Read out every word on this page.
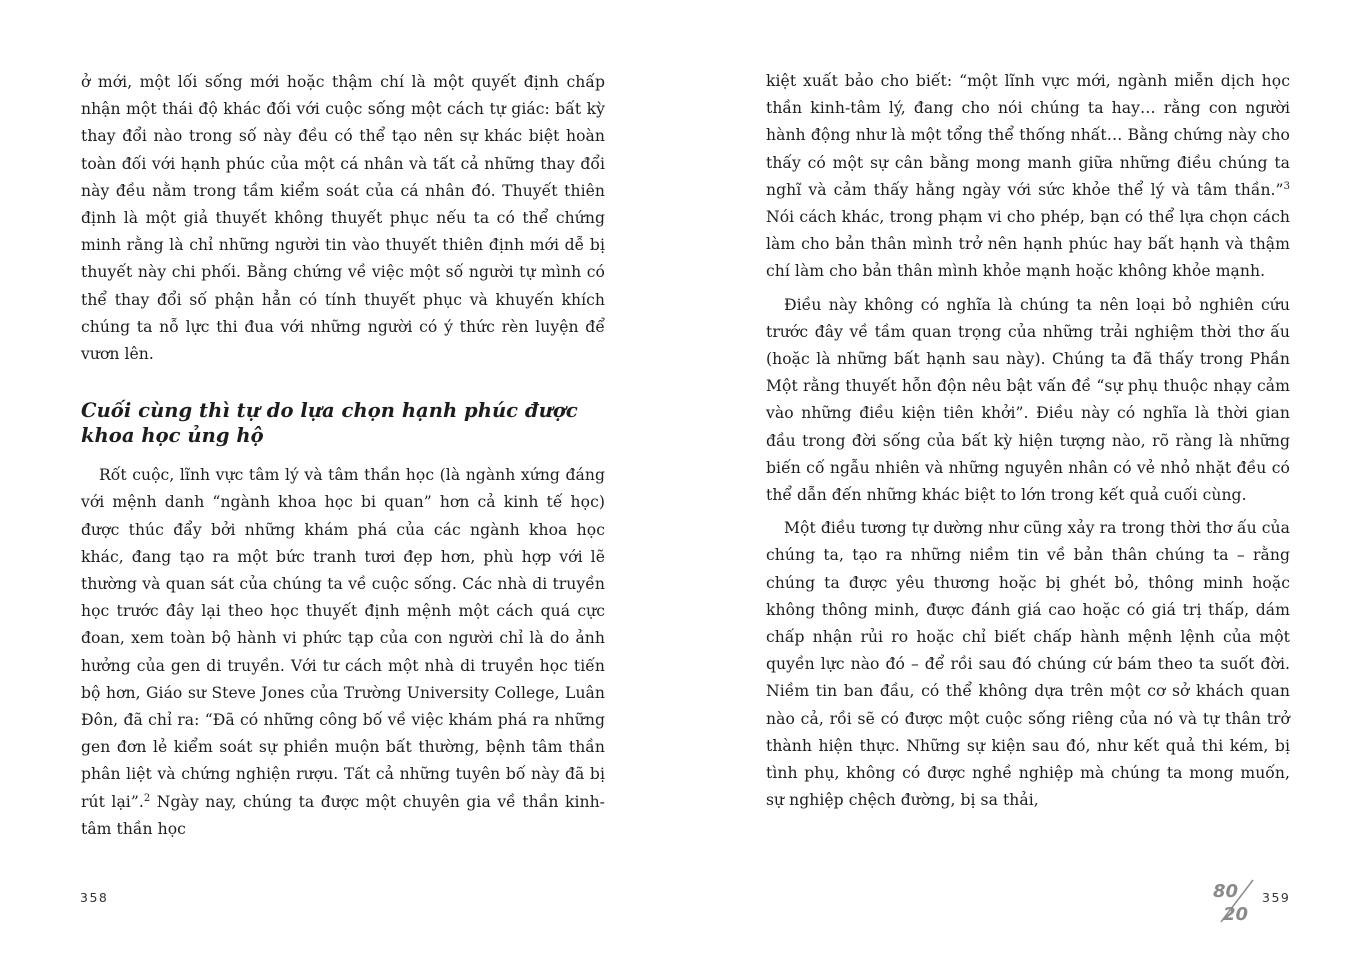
ở mới, một lối sống mới hoặc thậm chí là một quyết định chấp nhận một thái độ khác đối với cuộc sống một cách tự giác: bất kỳ thay đổi nào trong số này đều có thể tạo nên sự khác biệt hoàn toàn đối với hạnh phúc của một cá nhân và tất cả những thay đổi này đều nằm trong tầm kiểm soát của cá nhân đó. Thuyết thiên định là một giả thuyết không thuyết phục nếu ta có thể chứng minh rằng là chỉ những người tin vào thuyết thiên định mới dễ bị thuyết này chi phối. Bằng chứng về việc một số người tự mình có thể thay đổi số phận hẳn có tính thuyết phục và khuyến khích chúng ta nỗ lực thi đua với những người có ý thức rèn luyện để vươn lên.

Cuối cùng thì tự do lựa chọn hạnh phúc được khoa học ủng hộ

Rốt cuộc, lĩnh vực tâm lý và tâm thần học (là ngành xứng đáng với mệnh danh “ngành khoa học bi quan” hơn cả kinh tế học) được thúc đẩy bởi những khám phá của các ngành khoa học khác, đang tạo ra một bức tranh tươi đẹp hơn, phù hợp với lẽ thường và quan sát của chúng ta về cuộc sống. Các nhà di truyền học trước đây lại theo học thuyết định mệnh một cách quá cực đoan, xem toàn bộ hành vi phức tạp của con người chỉ là do ảnh hưởng của gen di truyền. Với tư cách một nhà di truyền học tiến bộ hơn, Giáo sư Steve Jones của Trường University College, Luân Đôn, đã chỉ ra: “Đã có những công bố về việc khám phá ra những gen đơn lẻ kiểm soát sự phiền muộn bất thường, bệnh tâm thần phân liệt và chứng nghiện rượu. Tất cả những tuyên bố này đã bị rút lại”.$^2$ Ngày nay, chúng ta được một chuyên gia về thần kinh-tâm thần học

358

kiệt xuất bảo cho biết: “một lĩnh vực mới, ngành miễn dịch học thần kinh-tâm lý, đang cho nói chúng ta hay… rằng con người hành động như là một tổng thể thống nhất… Bằng chứng này cho thấy có một sự cân bằng mong manh giữa những điều chúng ta nghĩ và cảm thấy hằng ngày với sức khỏe thể lý và tâm thần.”$^3$ Nói cách khác, trong phạm vi cho phép, bạn có thể lựa chọn cách làm cho bản thân mình trở nên hạnh phúc hay bất hạnh và thậm chí làm cho bản thân mình khỏe mạnh hoặc không khỏe mạnh.

Điều này không có nghĩa là chúng ta nên loại bỏ nghiên cứu trước đây về tầm quan trọng của những trải nghiệm thời thơ ấu (hoặc là những bất hạnh sau này). Chúng ta đã thấy trong Phần Một rằng thuyết hỗn độn nêu bật vấn đề “sự phụ thuộc nhạy cảm vào những điều kiện tiên khởi”. Điều này có nghĩa là thời gian đầu trong đời sống của bất kỳ hiện tượng nào, rõ ràng là những biến cố ngẫu nhiên và những nguyên nhân có vẻ nhỏ nhặt đều có thể dẫn đến những khác biệt to lớn trong kết quả cuối cùng.

Một điều tương tự dường như cũng xảy ra trong thời thơ ấu của chúng ta, tạo ra những niềm tin về bản thân chúng ta – rằng chúng ta được yêu thương hoặc bị ghét bỏ, thông minh hoặc không thông minh, được đánh giá cao hoặc có giá trị thấp, dám chấp nhận rủi ro hoặc chỉ biết chấp hành mệnh lệnh của một quyền lực nào đó – để rồi sau đó chúng cứ bám theo ta suốt đời. Niềm tin ban đầu, có thể không dựa trên một cơ sở khách quan nào cả, rồi sẽ có được một cuộc sống riêng của nó và tự thân trở thành hiện thực. Những sự kiện sau đó, như kết quả thi kém, bị tình phụ, không có được nghề nghiệp mà chúng ta mong muốn, sự nghiệp chệch đường, bị sa thải,

80
20
359
